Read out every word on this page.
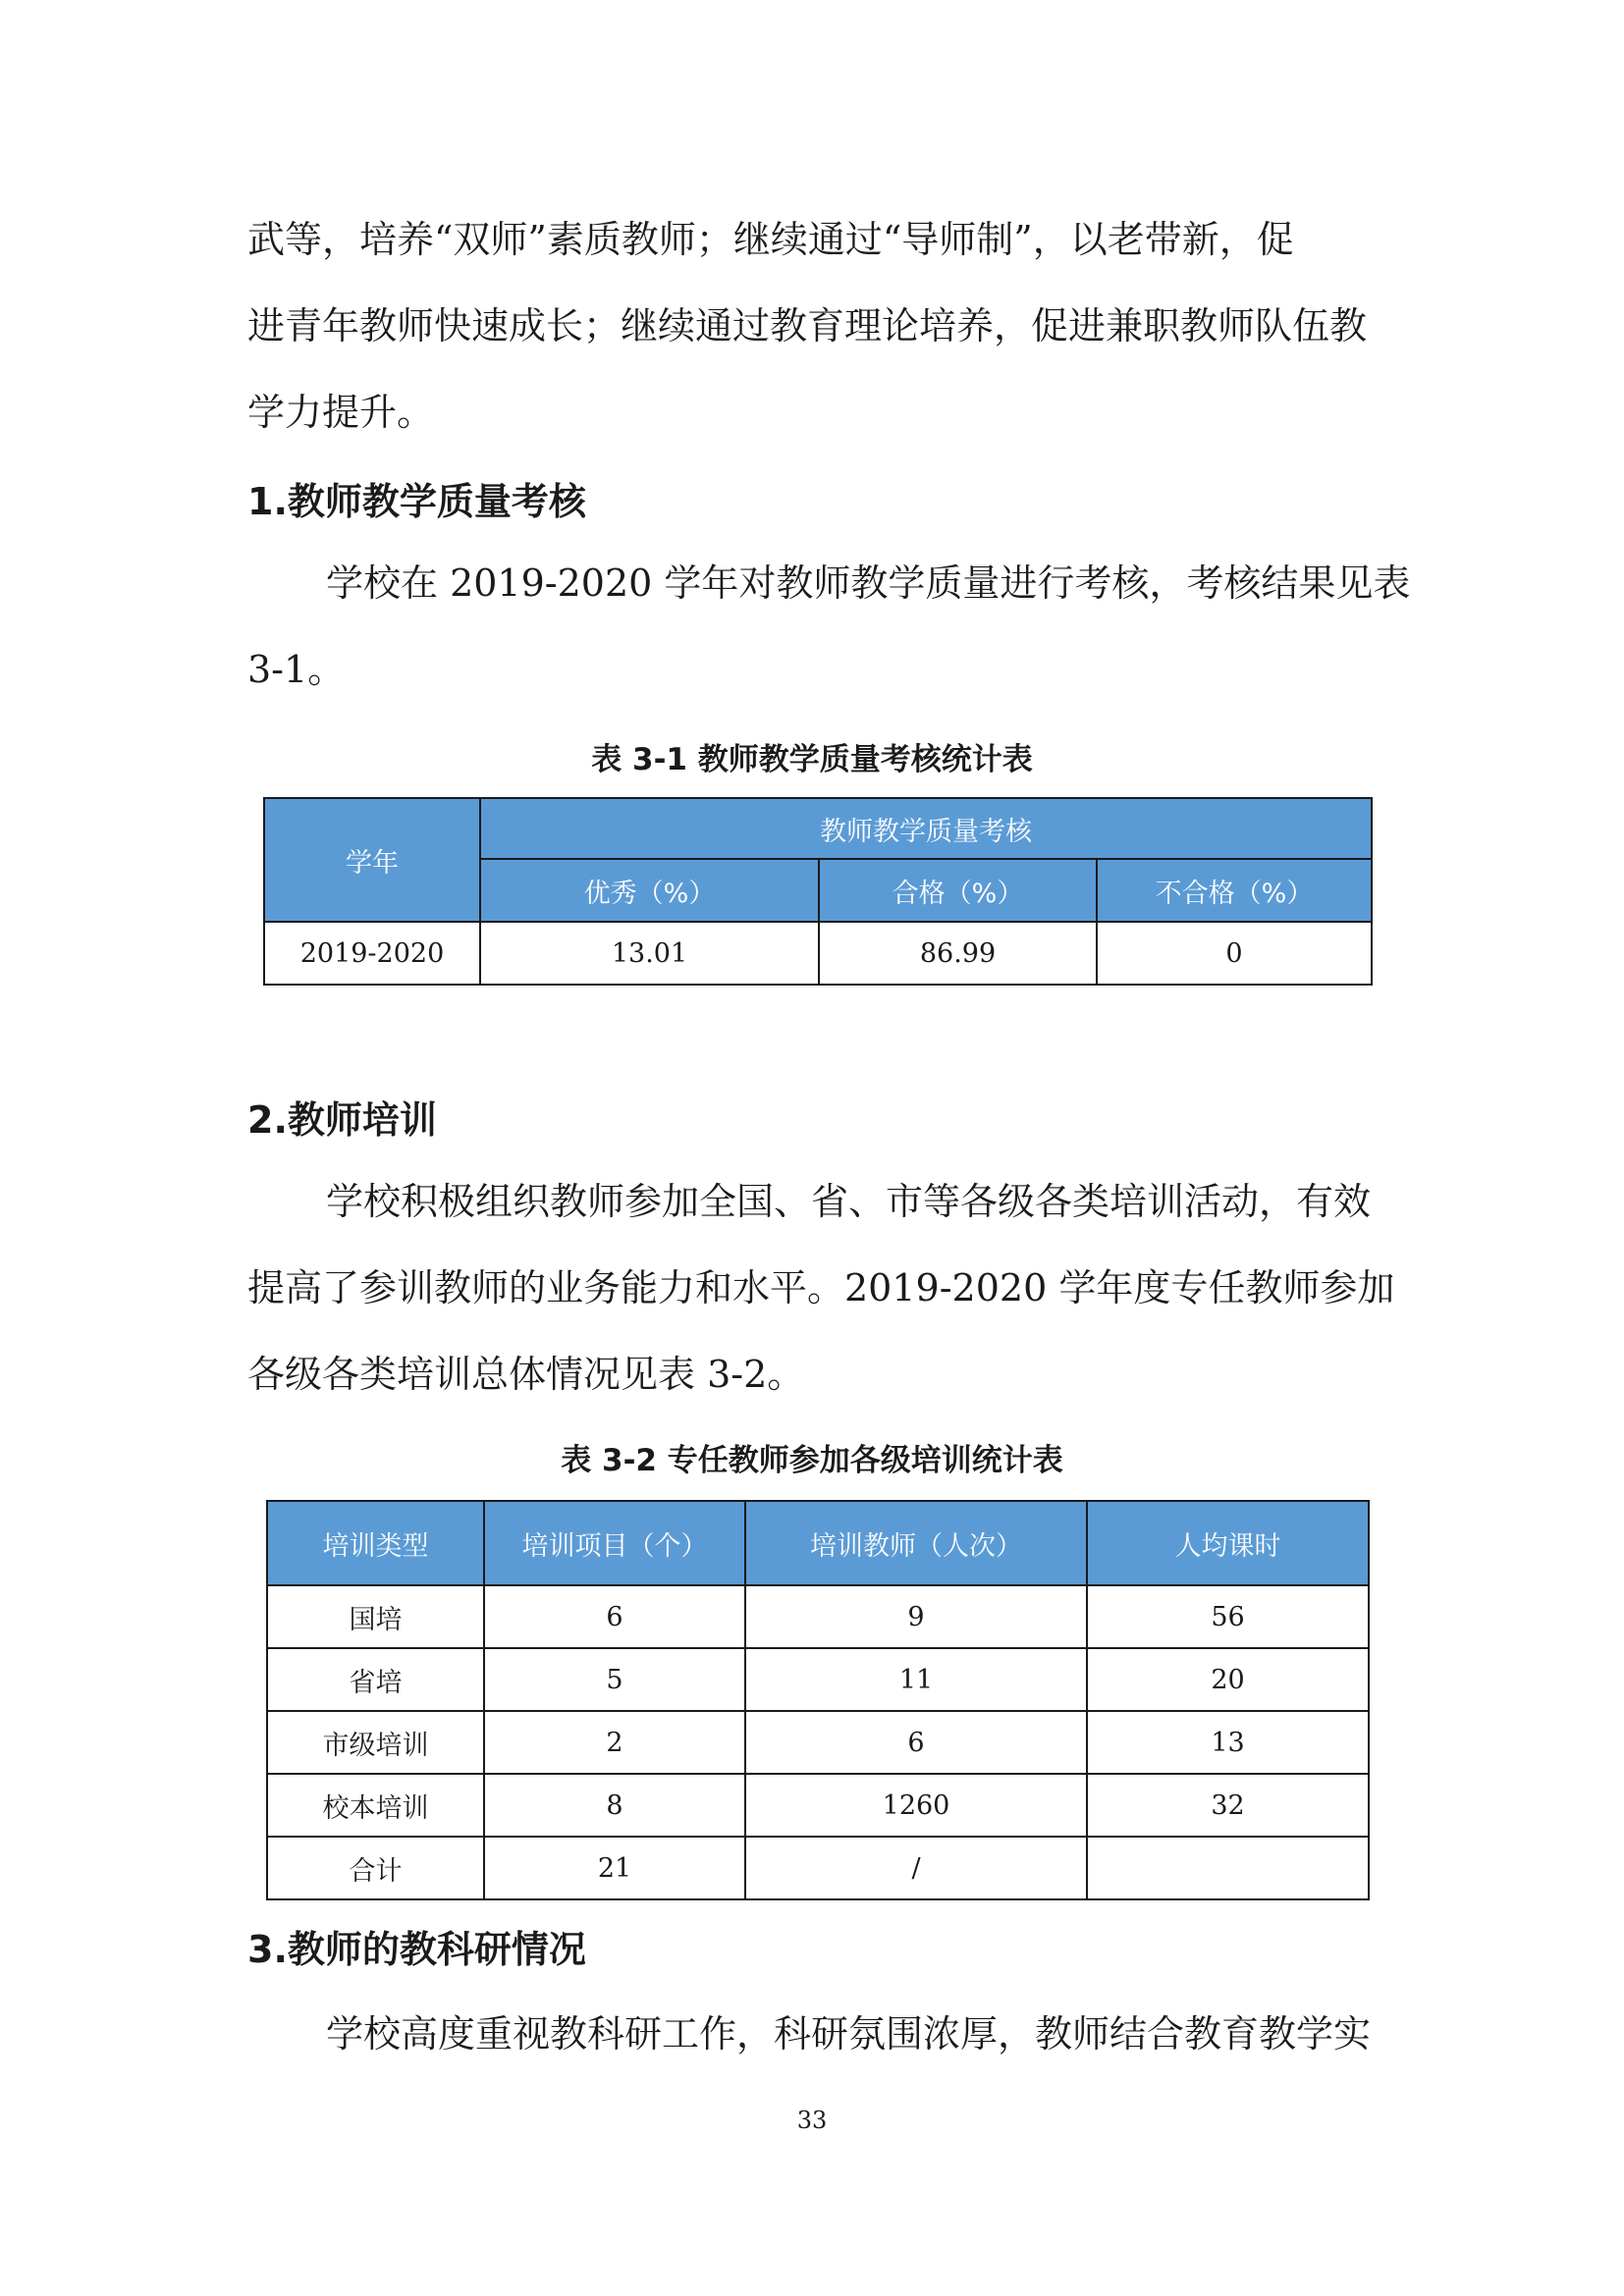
武等，培养“双师”素质教师；继续通过“导师制”，以老带新，促
进青年教师快速成长；继续通过教育理论培养，促进兼职教师队伍教
学力提升。

1.教师教学质量考核

学校在 2019-2020 学年对教师教学质量进行考核，考核结果见表
3-1。

表 3-1 教师教学质量考核统计表

学年	教师教学质量考核		
	优秀（%）	合格（%）	不合格（%）
2019-2020	13.01	86.99	0
2.教师培训

学校积极组织教师参加全国、省、市等各级各类培训活动，有效
提高了参训教师的业务能力和水平。2019-2020 学年度专任教师参加
各级各类培训总体情况见表 3-2。

表 3-2 专任教师参加各级培训统计表

培训类型	培训项目（个）	培训教师（人次）	人均课时
国培	6	9	56
省培	5	11	20
市级培训	2	6	13
校本培训	8	1260	32
合计	21	/	
3.教师的教科研情况

学校高度重视教科研工作，科研氛围浓厚，教师结合教育教学实

33
